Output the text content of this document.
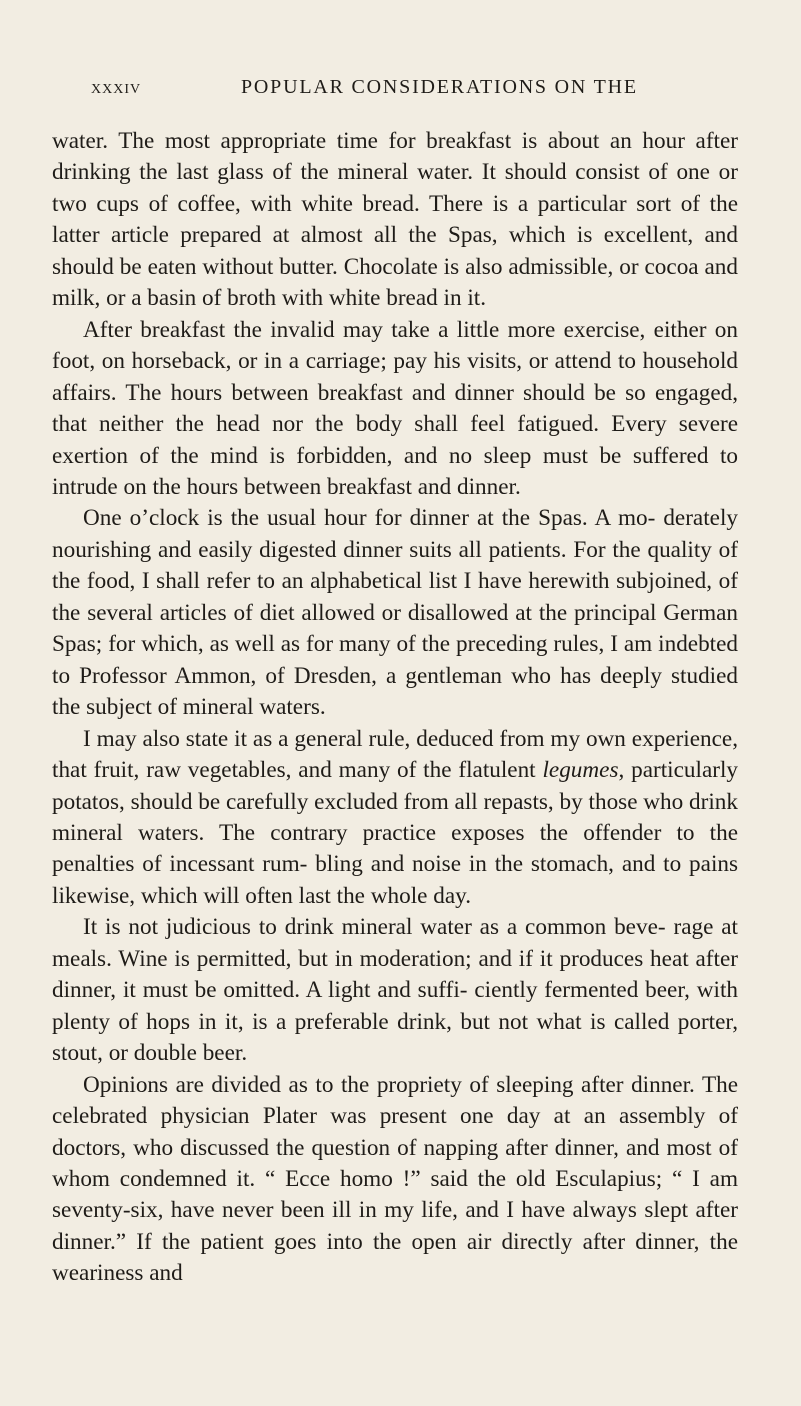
xxxiv	POPULAR CONSIDERATIONS ON THE

water. The most appropriate time for breakfast is about an hour after drinking the last glass of the mineral water. It should consist of one or two cups of coffee, with white bread. There is a particular sort of the latter article prepared at almost all the Spas, which is excellent, and should be eaten without butter. Chocolate is also admissible, or cocoa and milk, or a basin of broth with white bread in it.

After breakfast the invalid may take a little more exercise, either on foot, on horseback, or in a carriage; pay his visits, or attend to household affairs. The hours between breakfast and dinner should be so engaged, that neither the head nor the body shall feel fatigued. Every severe exertion of the mind is forbidden, and no sleep must be suffered to intrude on the hours between breakfast and dinner.

One o’clock is the usual hour for dinner at the Spas. A mo- derately nourishing and easily digested dinner suits all patients. For the quality of the food, I shall refer to an alphabetical list I have herewith subjoined, of the several articles of diet allowed or disallowed at the principal German Spas; for which, as well as for many of the preceding rules, I am indebted to Professor Ammon, of Dresden, a gentleman who has deeply studied the subject of mineral waters.

I may also state it as a general rule, deduced from my own experience, that fruit, raw vegetables, and many of the flatulent legumes, particularly potatos, should be carefully excluded from all repasts, by those who drink mineral waters. The contrary practice exposes the offender to the penalties of incessant rum- bling and noise in the stomach, and to pains likewise, which will often last the whole day.

It is not judicious to drink mineral water as a common beve- rage at meals. Wine is permitted, but in moderation; and if it produces heat after dinner, it must be omitted. A light and suffi- ciently fermented beer, with plenty of hops in it, is a preferable drink, but not what is called porter, stout, or double beer.

Opinions are divided as to the propriety of sleeping after dinner. The celebrated physician Plater was present one day at an assembly of doctors, who discussed the question of napping after dinner, and most of whom condemned it. “ Ecce homo !” said the old Esculapius; “ I am seventy-six, have never been ill in my life, and I have always slept after dinner.” If the patient goes into the open air directly after dinner, the weariness and
